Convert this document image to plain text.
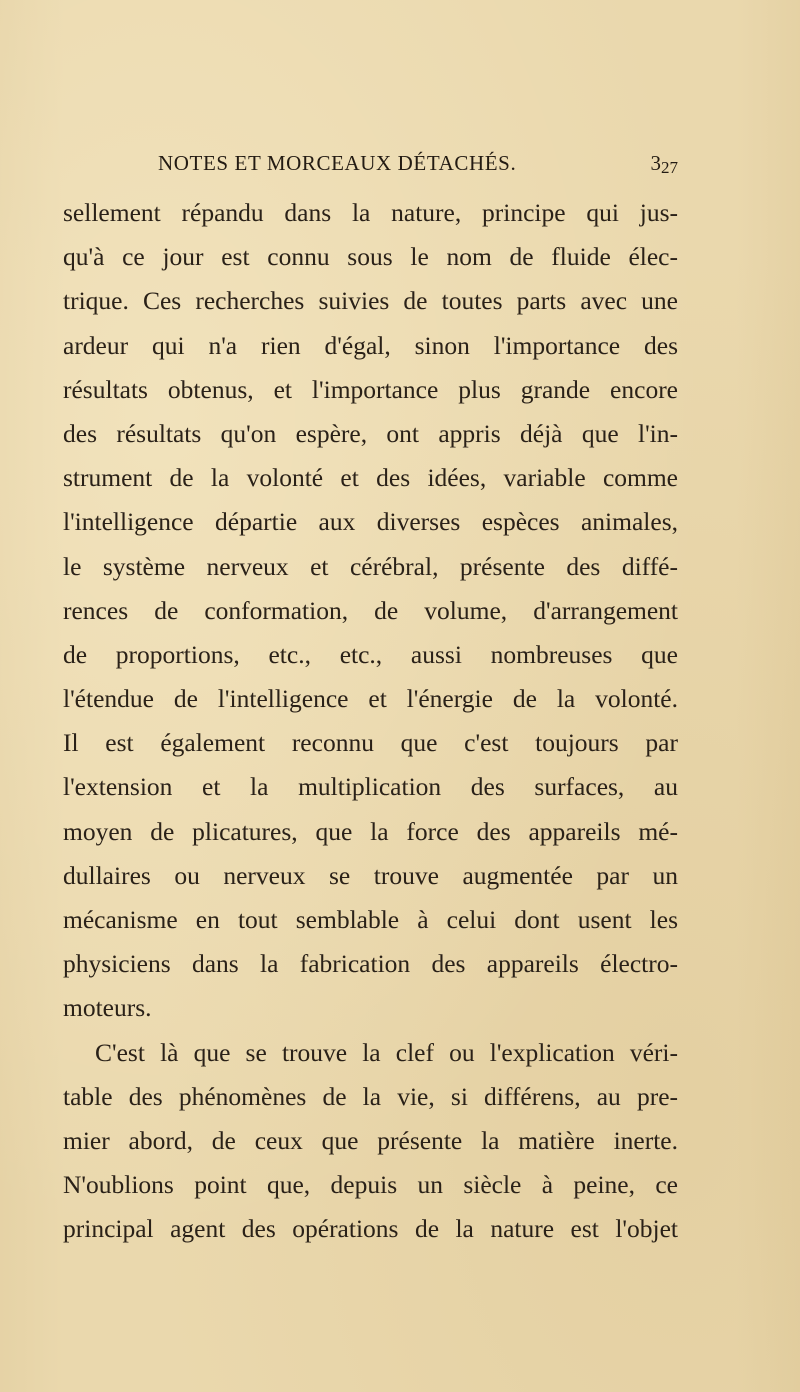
NOTES ET MORCEAUX DÉTACHÉS.	327
sellement répandu dans la nature, principe qui jus-
qu'à ce jour est connu sous le nom de fluide élec-
trique. Ces recherches suivies de toutes parts avec une
ardeur qui n'a rien d'égal, sinon l'importance des
résultats obtenus, et l'importance plus grande encore
des résultats qu'on espère, ont appris déjà que l'in-
strument de la volonté et des idées, variable comme
l'intelligence départie aux diverses espèces animales,
le système nerveux et cérébral, présente des diffé-
rences de conformation, de volume, d'arrangement
de proportions, etc., etc., aussi nombreuses que
l'étendue de l'intelligence et l'énergie de la volonté.
Il est également reconnu que c'est toujours par
l'extension et la multiplication des surfaces, au
moyen de plicatures, que la force des appareils mé-
dullaires ou nerveux se trouve augmentée par un
mécanisme en tout semblable à celui dont usent les
physiciens dans la fabrication des appareils électro-
moteurs.
C'est là que se trouve la clef ou l'explication véri-
table des phénomènes de la vie, si différens, au pre-
mier abord, de ceux que présente la matière inerte.
N'oublions point que, depuis un siècle à peine, ce
principal agent des opérations de la nature est l'objet
